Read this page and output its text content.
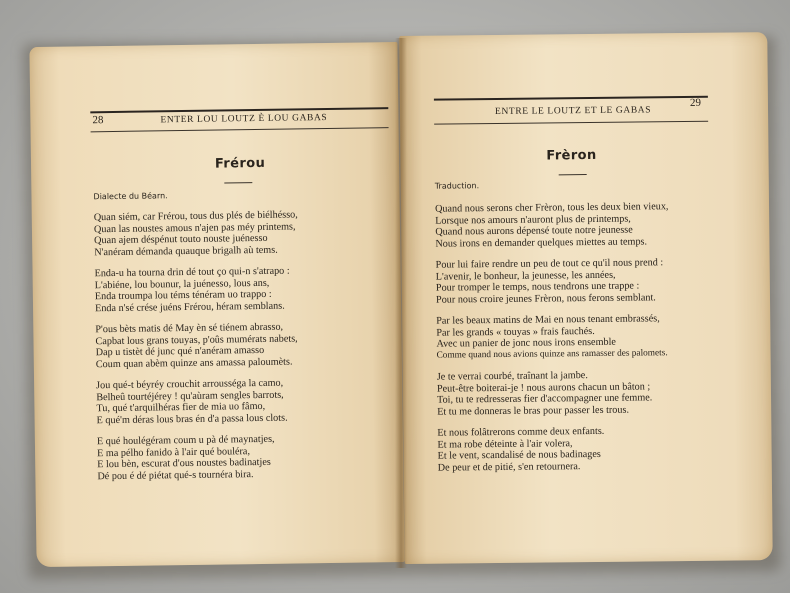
28	ENTER LOU LOUTZ È LOU GABAS
Frérou
Dialecte du Béarn.
Quan siém, car Frérou, tous dus plés de biélhésso,
Quan las noustes amous n'ajen pas méy printems,
Quan ajem déspénut touto nouste juénesso
N'anéram démanda quauque brigalh aù tems.
Enda-u ha tourna drin dé tout ço qui-n s'atrapo :
L'abiéne, lou bounur, la juénesso, lous ans,
Enda troumpa lou téms ténéram uo trappo :
Enda n'sé crése juéns Frérou, héram semblans.
P'ous bèts matis dé May èn sé tiénem abrasso,
Capbat lous grans touyas, p'oûs mumérats nabets,
Dap u tistèt dé junc qué n'anéram amasso
Coum quan abèm quinze ans amassa paloumèts.
Jou qué-t béyréy crouchit arrousséga la camo,
Belheû tourtéjérey ! qu'aùram sengles barrots,
Tu, qué t'arquilhéras fier de mia uo fâmo,
E qué'm déras lous bras én d'a passa lous clots.
E qué houlégéram coum u pà dé maynatjes,
E ma pélho fanido à l'air qué bouléra,
E lou bèn, escurat d'ous noustes badinatjes
Dé pou é dé piétat qué-s tournéra bira.
ENTRE LE LOUTZ ET LE GABAS
29
Frèron
Traduction.
Quand nous serons cher Frèron, tous les deux bien vieux,
Lorsque nos amours n'auront plus de printemps,
Quand nous aurons dépensé toute notre jeunesse
Nous irons en demander quelques miettes au temps.
Pour lui faire rendre un peu de tout ce qu'il nous prend :
L'avenir, le bonheur, la jeunesse, les années,
Pour tromper le temps, nous tendrons une trappe :
Pour nous croire jeunes Frèron, nous ferons semblant.
Par les beaux matins de Mai en nous tenant embrassés,
Par les grands « touyas » frais fauchés.
Avec un panier de jonc nous irons ensemble
Comme quand nous avions quinze ans ramasser des palomets.
Je te verrai courbé, traînant la jambe.
Peut-être boiterai-je ! nous aurons chacun un bâton ;
Toi, tu te redresseras fier d'accompagner une femme.
Et tu me donneras le bras pour passer les trous.
Et nous folâtrerons comme deux enfants.
Et ma robe déteinte à l'air volera,
Et le vent, scandalisé de nous badinages
De peur et de pitié, s'en retournera.
